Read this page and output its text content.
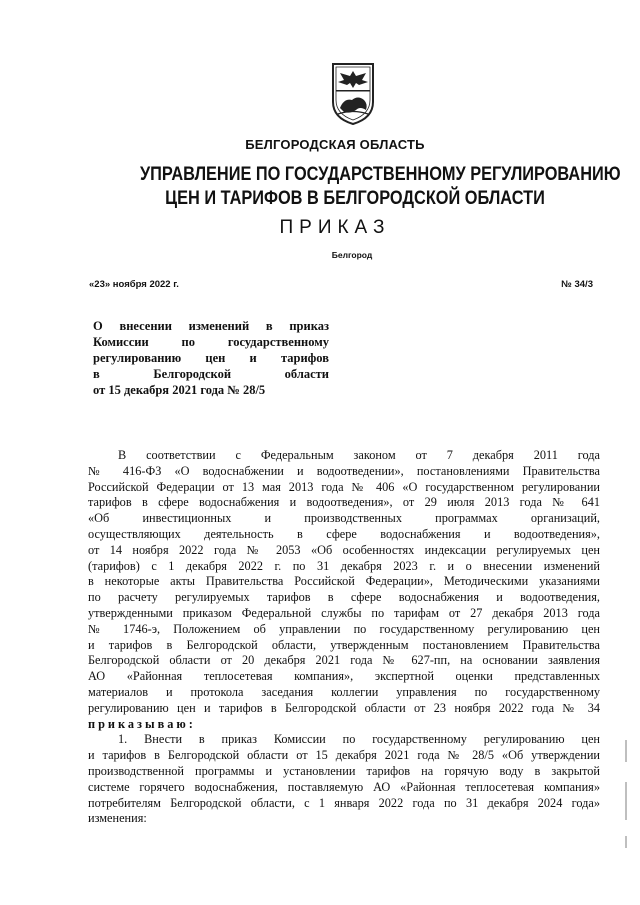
БЕЛГОРОДСКАЯ ОБЛАСТЬ
УПРАВЛЕНИЕ ПО ГОСУДАРСТВЕННОМУ РЕГУЛИРОВАНИЮ
ЦЕН И ТАРИФОВ В БЕЛГОРОДСКОЙ ОБЛАСТИ
ПРИКАЗ
Белгород
«23» ноября 2022 г.	№ 34/3
О внесении изменений в приказ
Комиссии по государственному
регулированию цен и тарифов
в Белгородской области
от 15 декабря 2021 года № 28/5
В соответствии с Федеральным законом от 7 декабря 2011 года
№ 416-ФЗ «О водоснабжении и водоотведении», постановлениями Правительства
Российской Федерации от 13 мая 2013 года № 406 «О государственном регулировании
тарифов в сфере водоснабжения и водоотведения», от 29 июля 2013 года № 641
«Об инвестиционных и производственных программах организаций,
осуществляющих деятельность в сфере водоснабжения и водоотведения»,
от 14 ноября 2022 года № 2053 «Об особенностях индексации регулируемых цен
(тарифов) с 1 декабря 2022 г. по 31 декабря 2023 г. и о внесении изменений
в некоторые акты Правительства Российской Федерации», Методическими указаниями
по расчету регулируемых тарифов в сфере водоснабжения и водоотведения,
утвержденными приказом Федеральной службы по тарифам от 27 декабря 2013 года
№ 1746-э, Положением об управлении по государственному регулированию цен
и тарифов в Белгородской области, утвержденным постановлением Правительства
Белгородской области от 20 декабря 2021 года № 627-пп, на основании заявления
АО «Районная теплосетевая компания», экспертной оценки представленных
материалов и протокола заседания коллегии управления по государственному
регулированию цен и тарифов в Белгородской области от 23 ноября 2022 года № 34
приказываю:
1. Внести в приказ Комиссии по государственному регулированию цен
и тарифов в Белгородской области от 15 декабря 2021 года № 28/5 «Об утверждении
производственной программы и установлении тарифов на горячую воду в закрытой
системе горячего водоснабжения, поставляемую АО «Районная теплосетевая компания»
потребителям Белгородской области, с 1 января 2022 года по 31 декабря 2024 года»
изменения:
